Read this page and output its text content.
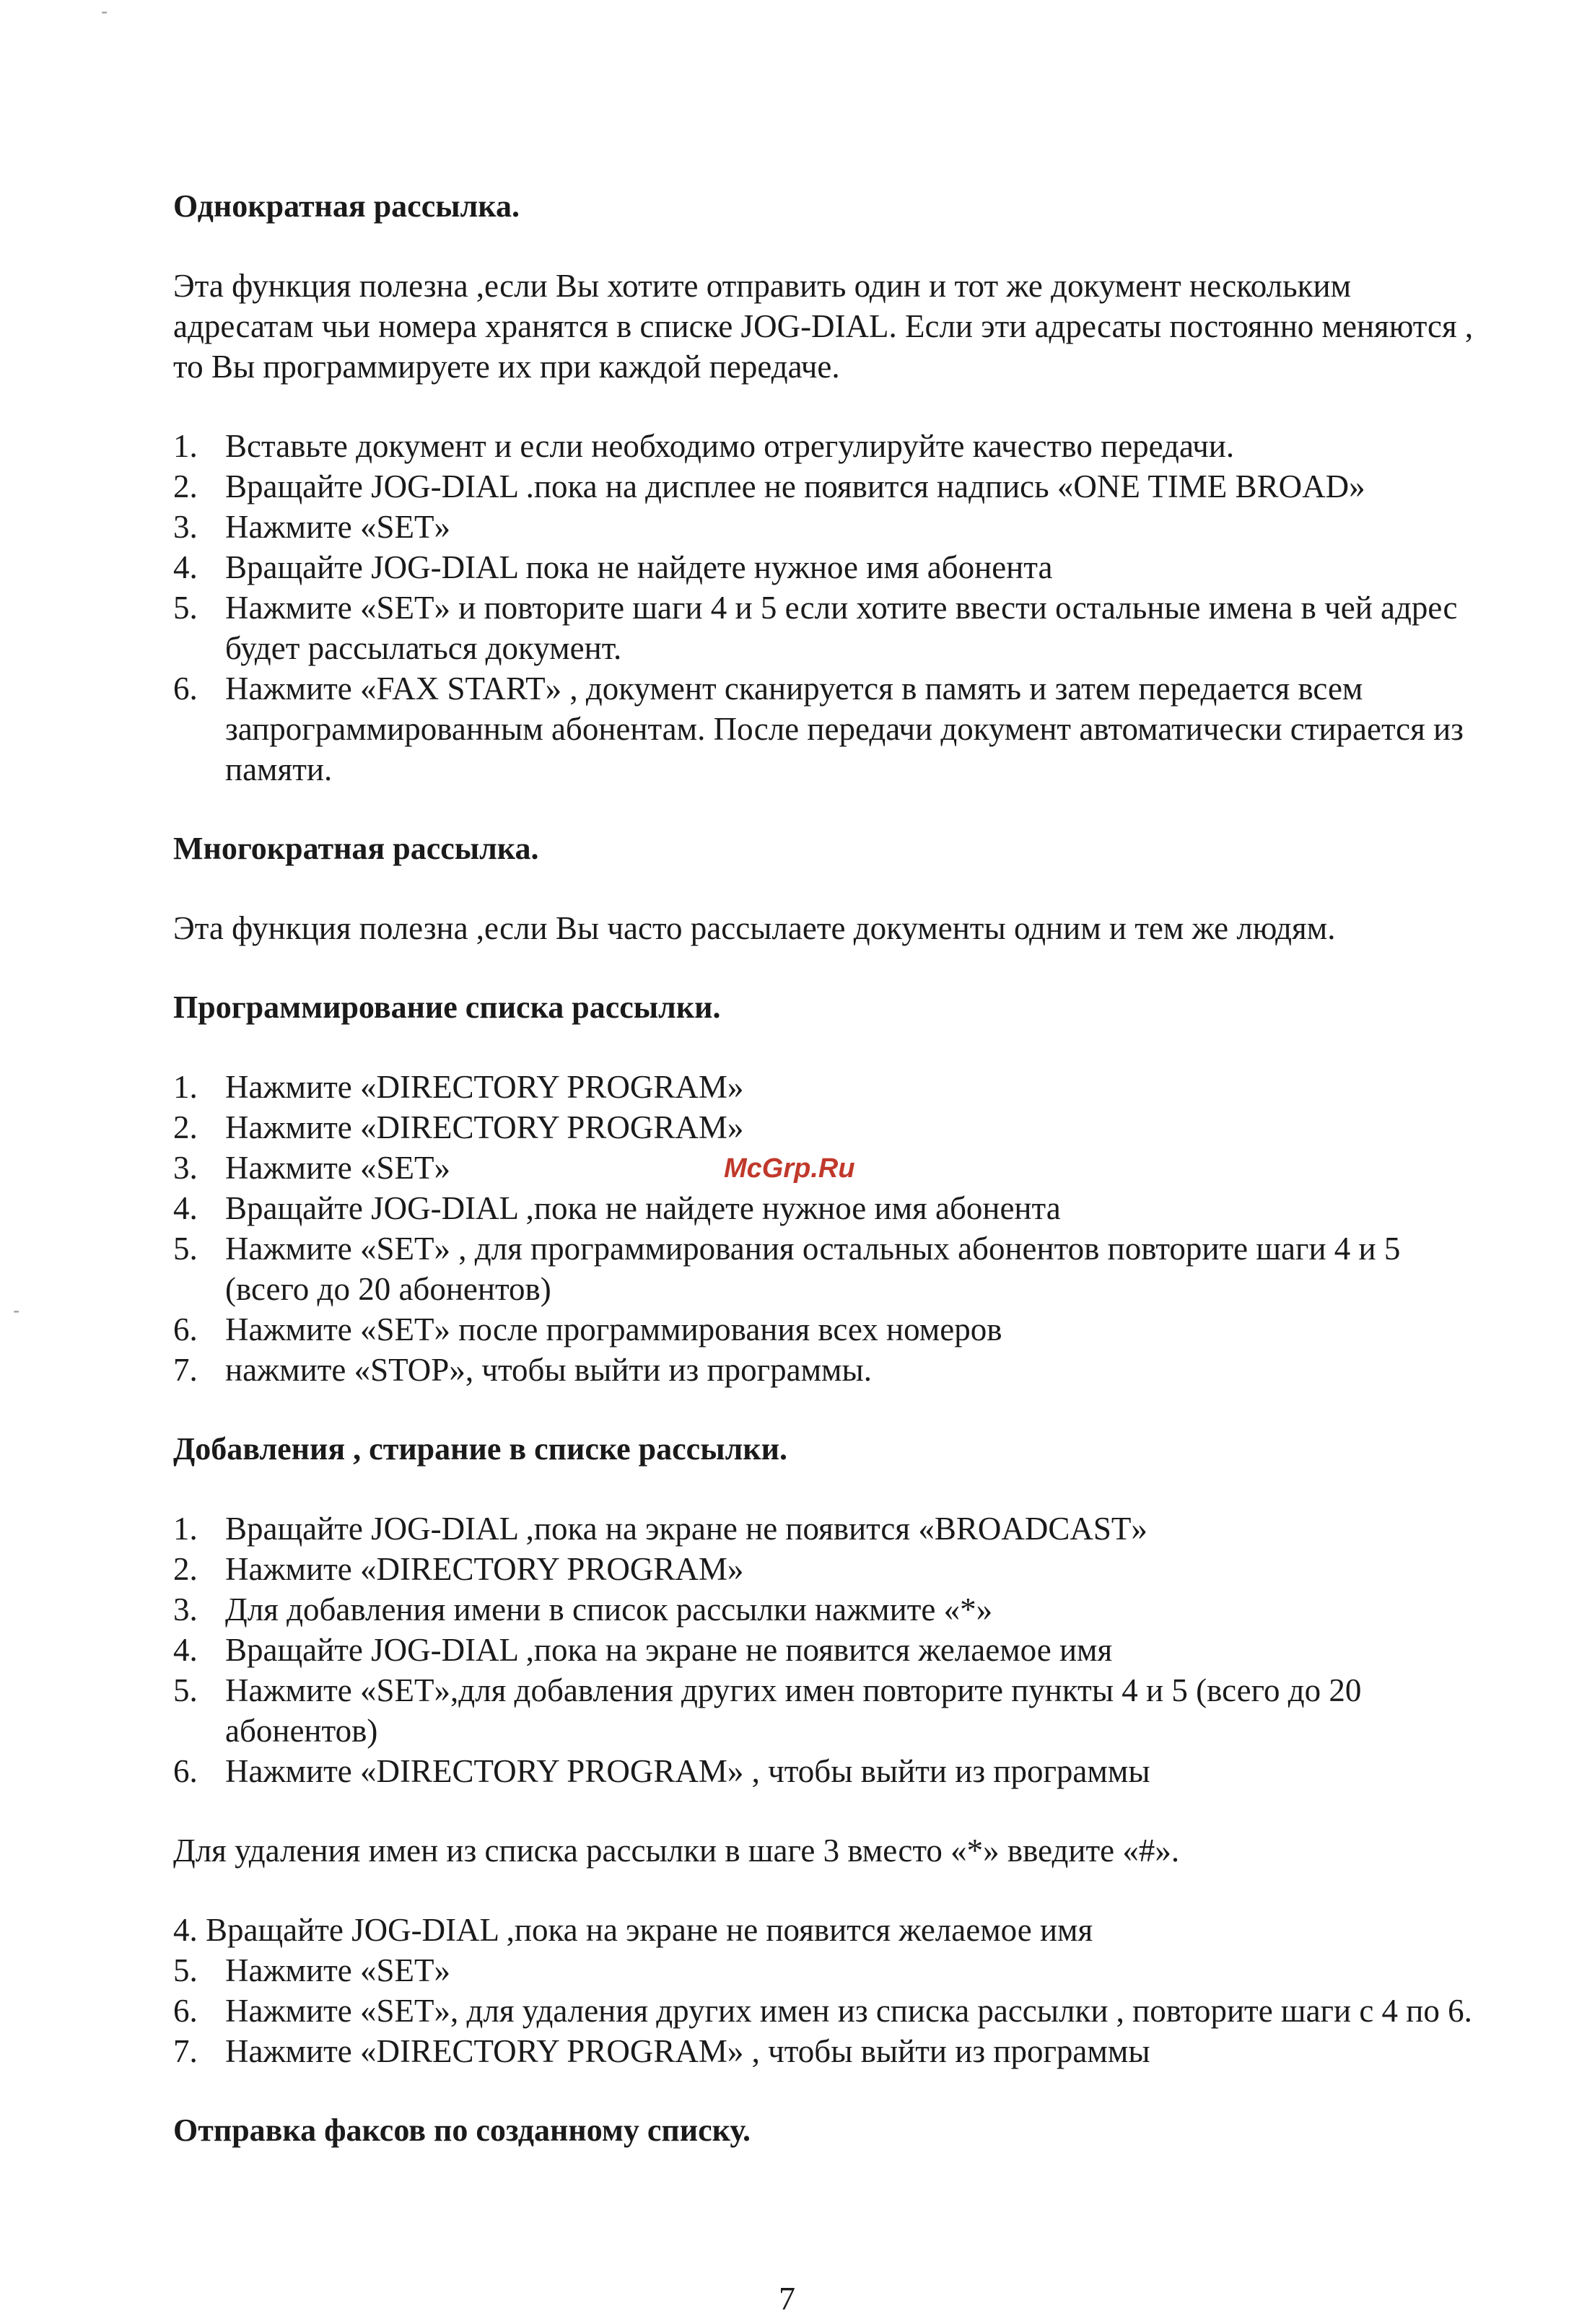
-
-
Однократная рассылка.
Эта функция полезна ,если Вы хотите отправить один и тот же документ нескольким адресатам чьи номера хранятся в списке JOG-DIAL. Если эти адресаты постоянно меняются , то Вы программируете их при каждой передаче.
1. Вставьте документ и если необходимо отрегулируйте качество передачи.
2. Вращайте JOG-DIAL .пока на дисплее не появится надпись «ONE TIME BROAD»
3. Нажмите «SET»
4. Вращайте JOG-DIAL пока не найдете нужное имя абонента
5. Нажмите «SET» и повторите шаги 4 и 5 если хотите ввести остальные имена в чей адрес будет рассылаться документ.
6. Нажмите «FAX START» , документ сканируется в память и затем передается всем запрограммированным абонентам. После передачи документ автоматически стирается из памяти.
Многократная рассылка.
Эта функция полезна ,если Вы часто рассылаете документы одним и тем же людям.
Программирование списка рассылки.
1. Нажмите «DIRECTORY PROGRAM»
2. Нажмите «DIRECTORY PROGRAM»
3. Нажмите «SET»
4. Вращайте JOG-DIAL ,пока не найдете нужное имя абонента
5. Нажмите «SET» , для программирования остальных абонентов повторите шаги 4 и 5 (всего до 20 абонентов)
6. Нажмите «SET» после программирования всех номеров
7. нажмите «STOP», чтобы выйти из программы.
Добавления , стирание в списке рассылки.
1. Вращайте JOG-DIAL ,пока на экране не появится «BROADCAST»
2. Нажмите «DIRECTORY PROGRAM»
3. Для добавления имени в список рассылки нажмите «*»
4. Вращайте JOG-DIAL ,пока на экране не появится желаемое имя
5. Нажмите «SET»,для добавления других имен повторите пункты 4 и 5 (всего до 20 абонентов)
6. Нажмите «DIRECTORY PROGRAM» , чтобы выйти из программы
Для удаления имен из списка рассылки в шаге 3 вместо «*» введите «#».
4. Вращайте JOG-DIAL ,пока на экране не появится желаемое имя
5. Нажмите «SET»
6. Нажмите «SET», для удаления других имен из списка рассылки , повторите шаги с 4 по 6.
7. Нажмите «DIRECTORY PROGRAM» , чтобы выйти из программы
Отправка факсов по созданному списку.
McGrp.Ru
7
